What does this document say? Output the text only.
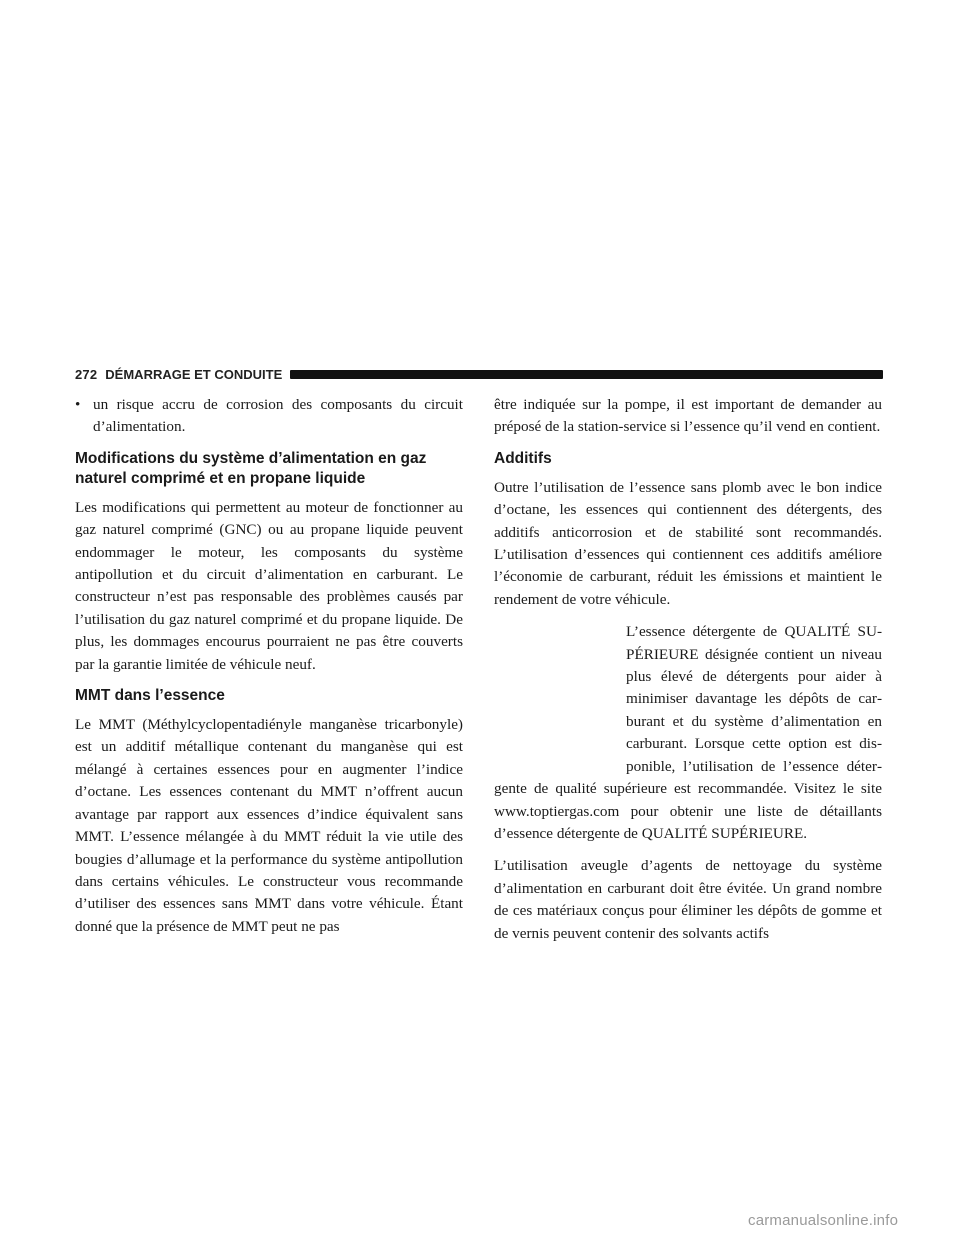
272 DÉMARRAGE ET CONDUITE
• un risque accru de corrosion des composants du circuit d’alimentation.
Modifications du système d’alimentation en gaz naturel comprimé et en propane liquide

Les modifications qui permettent au moteur de fonctionner au gaz naturel comprimé (GNC) ou au propane liquide peuvent endommager le moteur, les composants du système antipollution et du circuit d’alimentation en carburant. Le constructeur n’est pas responsable des problèmes causés par l’utilisation du gaz naturel comprimé et du propane liquide. De plus, les dommages encourus pourraient ne pas être couverts par la garantie limitée de véhicule neuf.

MMT dans l’essence

Le MMT (Méthylcyclopentadiényle manganèse tricarbonyle) est un additif métallique contenant du manganèse qui est mélangé à certaines essences pour en augmenter l’indice d’octane. Les essences contenant du MMT n’offrent aucun avantage par rapport aux essences d’indice équivalent sans MMT. L’essence mélangée à du MMT réduit la vie utile des bougies d’allumage et la performance du système antipollution dans certains véhicules. Le constructeur vous recommande d’utiliser des essences sans MMT dans votre véhicule. Étant donné que la présence de MMT peut ne pas

être indiquée sur la pompe, il est important de demander au préposé de la station-service si l’essence qu’il vend en contient.

Additifs

Outre l’utilisation de l’essence sans plomb avec le bon indice d’octane, les essences qui contiennent des détergents, des additifs anticorrosion et de stabilité sont recommandés. L’utilisation d’essences qui contiennent ces additifs améliore l’économie de carburant, réduit les émissions et maintient le rendement de votre véhicule.

L’essence détergente de QUALITÉ SUPÉRIEURE désignée contient un niveau plus élevé de détergents pour aider à minimiser davantage les dépôts de carburant et du système d’alimentation en carburant. Lorsque cette option est disponible, l’utilisation de l’essence détergente de qualité supérieure est recommandée. Visitez le site www.toptiergas.com pour obtenir une liste de détaillants d’essence détergente de QUALITÉ SUPÉRIEURE.

L’utilisation aveugle d’agents de nettoyage du système d’alimentation en carburant doit être évitée. Un grand nombre de ces matériaux conçus pour éliminer les dépôts de gomme et de vernis peuvent contenir des solvants actifs

carmanualsonline.info
